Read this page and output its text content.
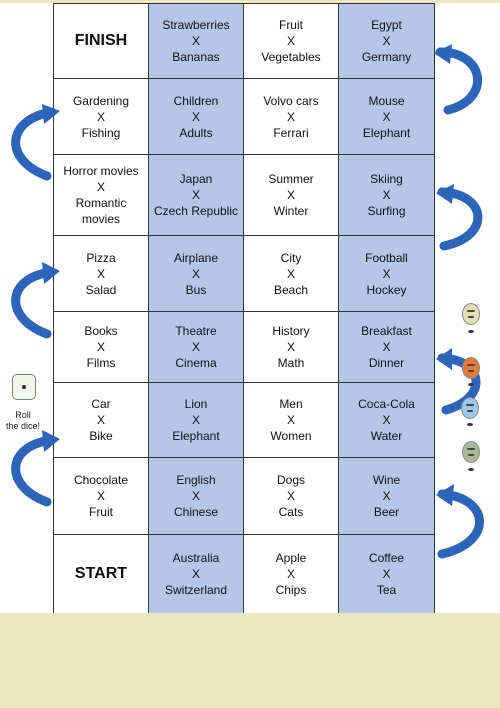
FINISH
Strawberries
X
Bananas
Fruit
X
Vegetables
Egypt
X
Germany
Gardening
X
Fishing
Children
X
Adults
Volvo cars
X
Ferrari
Mouse
X
Elephant
Horror movies
X
Romantic
movies
Japan
X
Czech Republic
Summer
X
Winter
Skiing
X
Surfing
Pizza
X
Salad
Airplane
X
Bus
City
X
Beach
Football
X
Hockey
Books
X
Films
Theatre
X
Cinema
History
X
Math
Breakfast
X
Dinner
Car
X
Bike
Lion
X
Elephant
Men
X
Women
Coca-Cola
X
Water
Chocolate
X
Fruit
English
X
Chinese
Dogs
X
Cats
Wine
X
Beer
START
Australia
X
Switzerland
Apple
X
Chips
Coffee
X
Tea
Roll
the dice!
